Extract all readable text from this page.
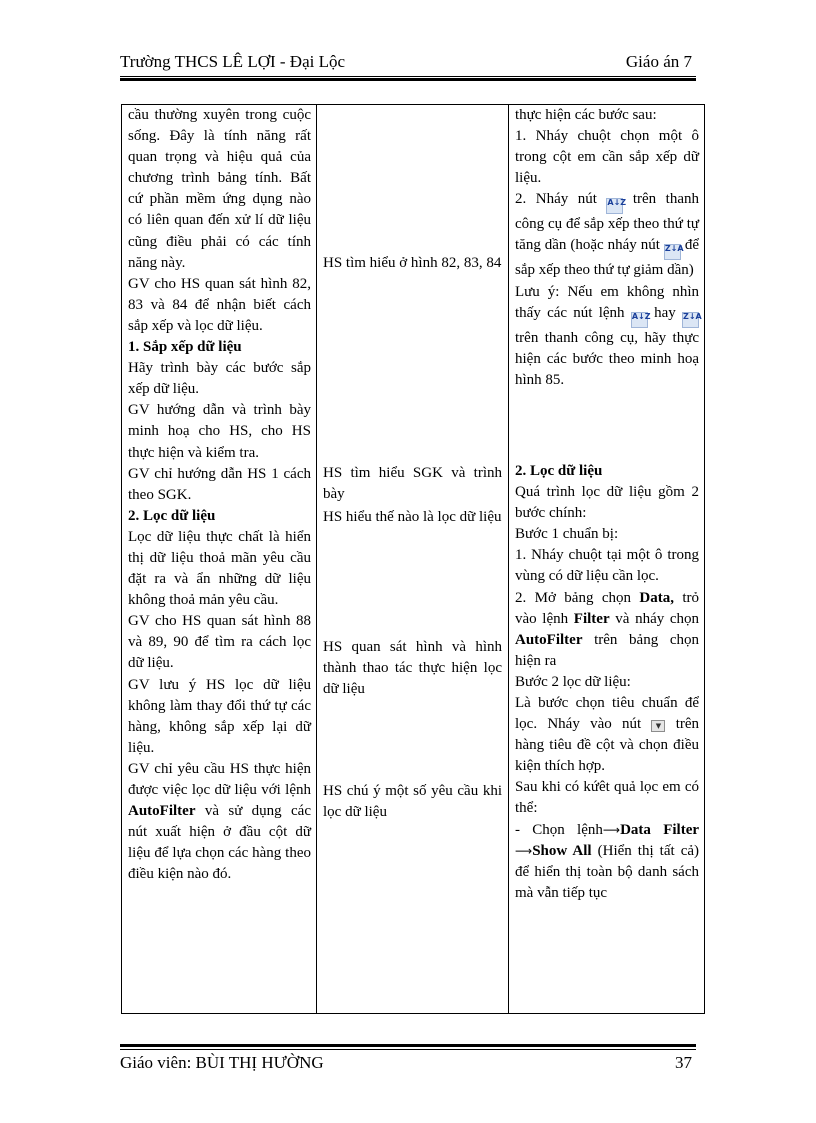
Trường THCS LÊ LỢI - Đại Lộc	Giáo án 7

cầu thường xuyên trong cuộc sống. Đây là tính năng rất quan trọng và hiệu quả của chương trình bảng tính. Bất cứ phần mềm ứng dụng nào có liên quan đến xử lí dữ liệu cũng điều phải có các tính năng này.

GV cho HS quan sát hình 82, 83 và 84 để nhận biết cách sắp xếp và lọc dữ liệu.

1. Sắp xếp dữ liệu

Hãy trình bày các bước sắp xếp dữ liệu.

GV hướng dẫn và trình bày minh hoạ cho HS, cho HS thực hiện và kiểm tra.

GV chỉ hướng dẫn HS 1 cách theo SGK.

2. Lọc dữ liệu

Lọc dữ liệu thực chất là hiển thị dữ liệu thoả mãn yêu cầu đặt ra và ẩn những dữ liệu không thoả mản yêu cầu.

GV cho HS quan sát hình 88 và 89, 90 để tìm ra cách lọc dữ liệu.

GV lưu ý HS lọc dữ liệu không làm thay đổi thứ tự các hàng, không sắp xếp lại dữ liệu.

GV chỉ yêu cầu HS thực hiện được việc lọc dữ liệu với lệnh AutoFilter và sử dụng các nút xuất hiện ở đầu cột dữ liệu để lựa chọn các hàng theo điều kiện nào đó.

HS tìm hiểu ở hình 82, 83, 84

HS tìm hiểu SGK và trình bày

HS hiểu thế nào là lọc dữ liệu

HS quan sát hình và hình thành thao tác thực hiện lọc dữ liệu

HS chú ý một số yêu cầu khi lọc dữ liệu

thực hiện các bước sau:

1. Nháy chuột chọn một ô trong cột em cần sắp xếp dữ liệu.

2. Nháy nút A↓Z trên thanh công cụ để sắp xếp theo thứ tự tăng dần (hoặc nháy nút Z↓A để sắp xếp theo thứ tự giảm dần)

Lưu ý: Nếu em không nhìn thấy các nút lệnh A↓Z hay Z↓A trên thanh công cụ, hãy thực hiện các bước theo minh hoạ hình 85.

2. Lọc dữ liệu

Quá trình lọc dữ liệu gồm 2 bước chính:

Bước 1 chuẩn bị:

1. Nháy chuột tại một ô trong vùng có dữ liệu cần lọc.

2. Mở bảng chọn Data, trỏ vào lệnh Filter và nháy chọn AutoFilter trên bảng chọn hiện ra

Bước 2 lọc dữ liệu:

Là bước chọn tiêu chuẩn để lọc. Nháy vào nút ▼ trên hàng tiêu đề cột và chọn điều kiện thích hợp.

Sau khi có kứêt quả lọc em có thể:

- Chọn lệnh⟶Data Filter ⟶Show All (Hiển thị tất cả) để hiển thị toàn bộ danh sách mà vẫn tiếp tục

Giáo viên: BÙI THỊ HƯỜNG	37
